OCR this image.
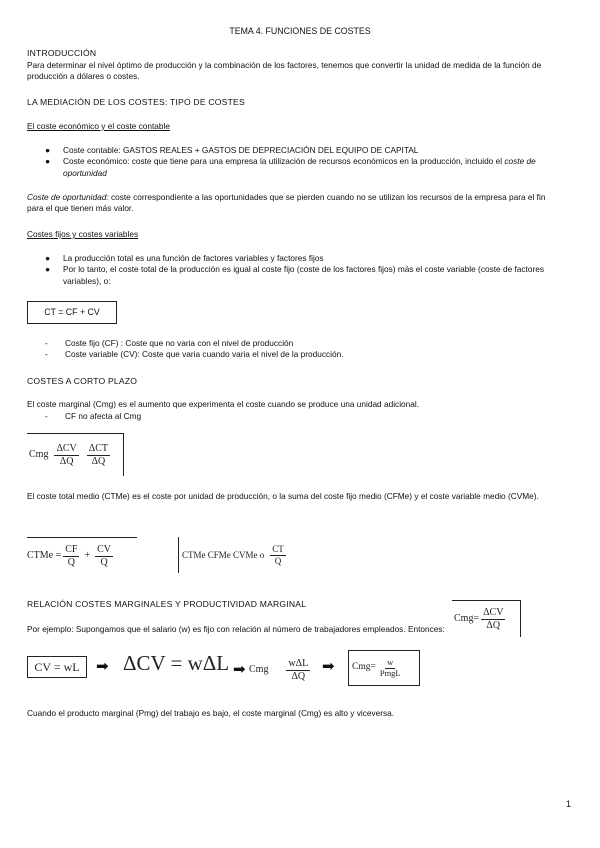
TEMA 4. FUNCIONES DE COSTES
INTRODUCCIÓN
Para determinar el nivel óptimo de producción y la combinación de los factores, tenemos que convertir la unidad de medida de la función de producción a dólares o costes.
LA MEDIACIÓN DE LOS COSTES: TIPO DE COSTES
El coste económico y el coste contable
● Coste contable: GASTOS REALES + GASTOS DE DEPRECIACIÓN DEL EQUIPO DE CAPITAL
● Coste económico: coste que tiene para una empresa la utilización de recursos económicos en la producción, incluido el coste de oportunidad
Coste de oportunidad: coste correspondiente a las oportunidades que se pierden cuando no se utilizan los recursos de la empresa para el fin para el que tienen más valor.
Costes fijos y costes variables
● La producción total es una función de factores variables y factores fijos
● Por lo tanto, el coste total de la producción es igual al coste fijo (coste de los factores fijos) más el coste variable (coste de factores variables), o:
CT = CF + CV
- Coste fijo (CF) : Coste que no varia con el nivel de producción
- Coste variable (CV): Coste que varia cuando varia el nivel de la producción.
COSTES A CORTO PLAZO
El coste marginal (Cmg) es el aumento que experimenta el coste cuando se produce una unidad adicional.
- CF no afecta al Cmg
Cmg $\frac{\text{ΔCV}}{\Delta Q} \frac{\text{ΔCT}}{\Delta Q}$
El coste total medio (CTMe) es el coste por unidad de producción, o la suma del coste fijo medio (CFMe) y el coste variable medio (CVMe).
CTMe = $\frac{CF}{Q} + \frac{CV}{Q}$	CTMe CFMe CVMe o $\frac{CT}{Q}$
RELACIÓN COSTES MARGINALES Y PRODUCTIVIDAD MARGINAL
$Cmg= \frac{\text{ΔCV}}{\Delta Q}$
Por ejemplo: Supongamos que el salario (w) es fijo con relación al número de trabajadores empleados. Entonces:
CV = wL	➡ ΔCV = wΔL ➡ Cmg $\frac{\text{wΔL}}{\Delta Q}$ ➡ $Cmg= \frac{w}{\text{PmgL}}$
Cuando el producto marginal (Pmg) del trabajo es bajo, el coste marginal (Cmg) es alto y viceversa.
1
